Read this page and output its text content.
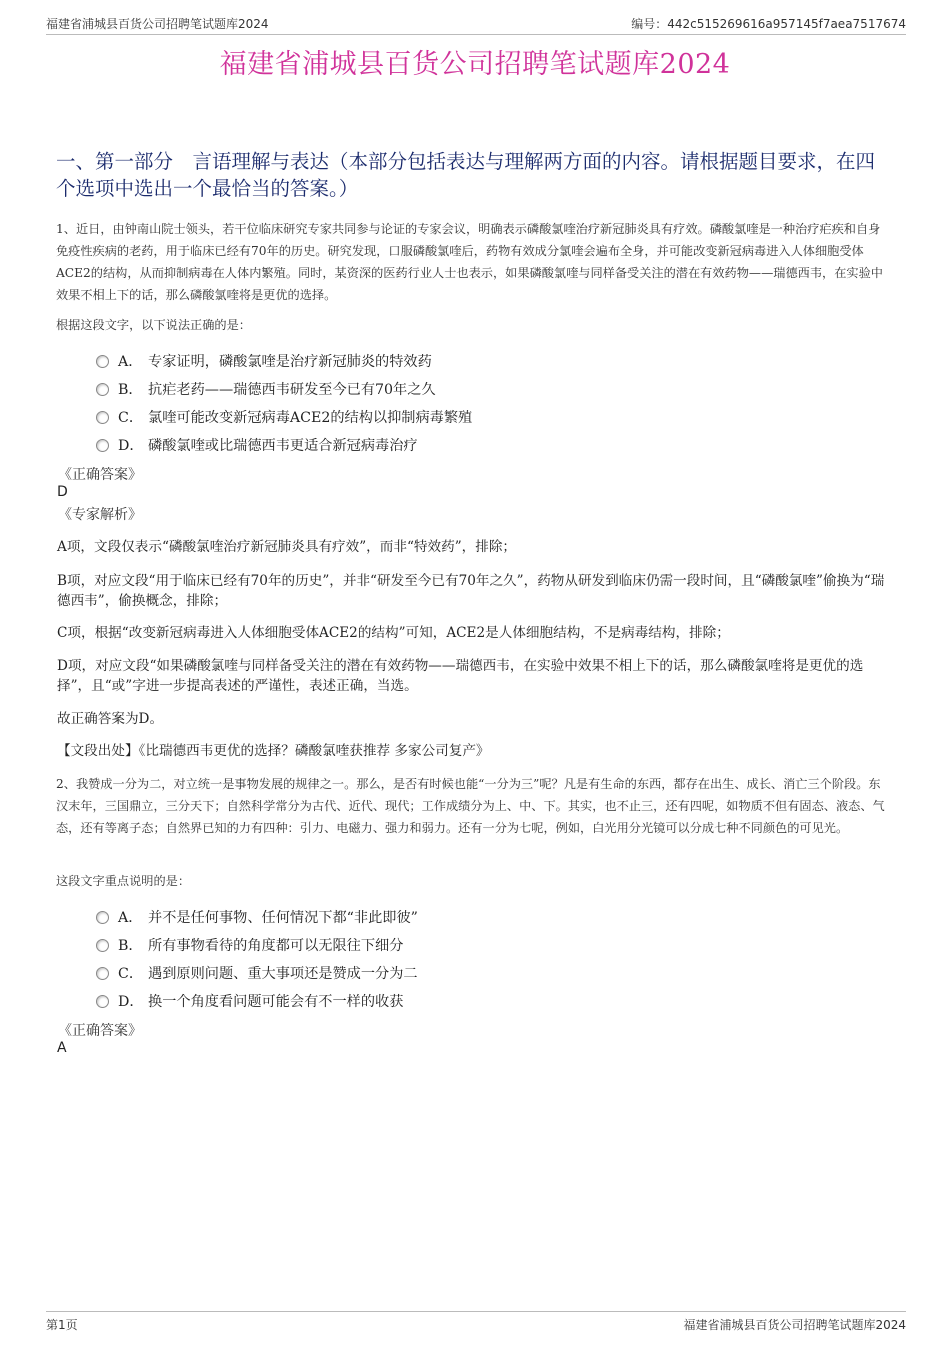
福建省浦城县百货公司招聘笔试题库2024	编号：442c515269616a957145f7aea7517674
福建省浦城县百货公司招聘笔试题库2024
一、第一部分　言语理解与表达（本部分包括表达与理解两方面的内容。请根据题目要求，在四个选项中选出一个最恰当的答案。）
1、近日，由钟南山院士领头，若干位临床研究专家共同参与论证的专家会议，明确表示磷酸氯喹治疗新冠肺炎具有疗效。磷酸氯喹是一种治疗疟疾和自身免疫性疾病的老药，用于临床已经有70年的历史。研究发现，口服磷酸氯喹后，药物有效成分氯喹会遍布全身，并可能改变新冠病毒进入人体细胞受体ACE2的结构，从而抑制病毒在人体内繁殖。同时，某资深的医药行业人士也表示，如果磷酸氯喹与同样备受关注的潜在有效药物——瑞德西韦，在实验中效果不相上下的话，那么磷酸氯喹将是更优的选择。
根据这段文字，以下说法正确的是：
A． 专家证明，磷酸氯喹是治疗新冠肺炎的特效药
B． 抗疟老药——瑞德西韦研发至今已有70年之久
C． 氯喹可能改变新冠病毒ACE2的结构以抑制病毒繁殖
D． 磷酸氯喹或比瑞德西韦更适合新冠病毒治疗
《正确答案》
D
《专家解析》
A项，文段仅表示“磷酸氯喹治疗新冠肺炎具有疗效”，而非“特效药”，排除；
B项，对应文段“用于临床已经有70年的历史”，并非“研发至今已有70年之久”，药物从研发到临床仍需一段时间，且“磷酸氯喹”偷换为“瑞德西韦”，偷换概念，排除；
C项，根据“改变新冠病毒进入人体细胞受体ACE2的结构”可知，ACE2是人体细胞结构，不是病毒结构，排除；
D项，对应文段“如果磷酸氯喹与同样备受关注的潜在有效药物——瑞德西韦，在实验中效果不相上下的话，那么磷酸氯喹将是更优的选择”，且“或”字进一步提高表述的严谨性，表述正确，当选。
故正确答案为D。
【文段出处】《比瑞德西韦更优的选择？磷酸氯喹获推荐 多家公司复产》
2、我赞成一分为二，对立统一是事物发展的规律之一。那么，是否有时候也能“一分为三”呢？凡是有生命的东西，都存在出生、成长、消亡三个阶段。东汉末年，三国鼎立，三分天下；自然科学常分为古代、近代、现代；工作成绩分为上、中、下。其实，也不止三，还有四呢，如物质不但有固态、液态、气态，还有等离子态；自然界已知的力有四种：引力、电磁力、强力和弱力。还有一分为七呢，例如，白光用分光镜可以分成七种不同颜色的可见光。
这段文字重点说明的是：
A． 并不是任何事物、任何情况下都“非此即彼”
B． 所有事物看待的角度都可以无限往下细分
C． 遇到原则问题、重大事项还是赞成一分为二
D． 换一个角度看问题可能会有不一样的收获
《正确答案》
A
第1页	福建省浦城县百货公司招聘笔试题库2024
